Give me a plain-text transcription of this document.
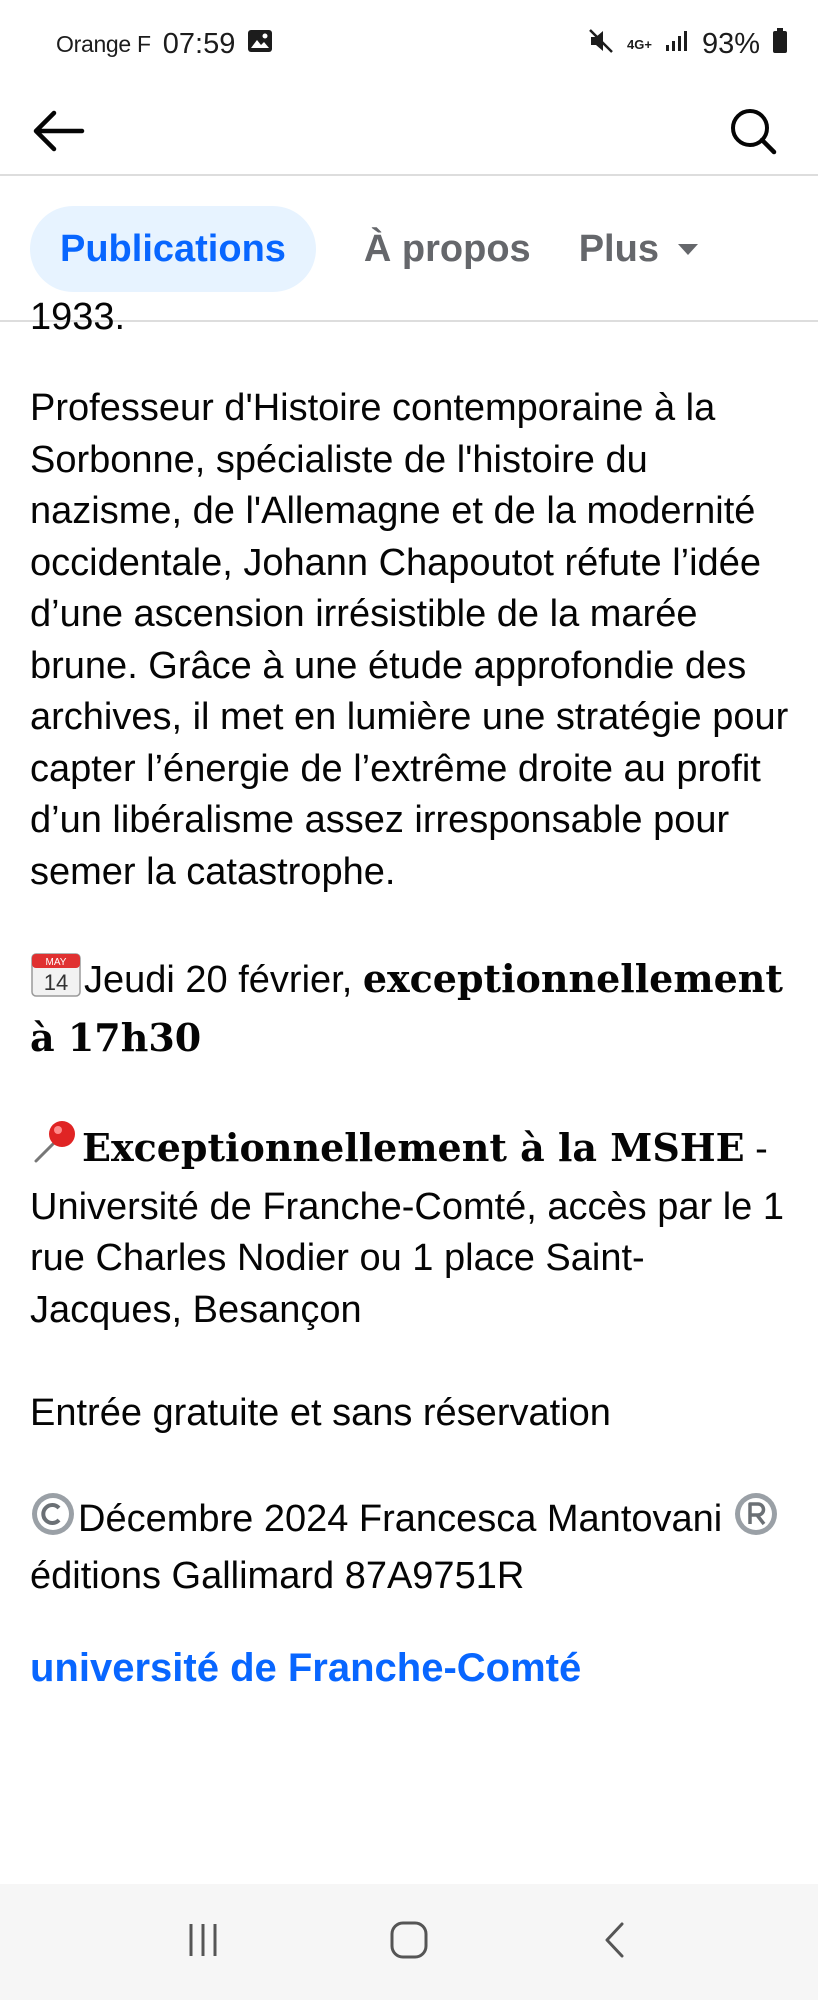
Orange F 07:59	4G+ 93%
Publications	À propos Plus
1933.

Professeur d'Histoire contemporaine à la Sorbonne, spécialiste de l'histoire du nazisme, de l'Allemagne et de la modernité occidentale, Johann Chapoutot réfute l’idée d’une ascension irrésistible de la marée brune. Grâce à une étude approfondie des archives, il met en lumière une stratégie pour capter l’énergie de l’extrême droite au profit d’un libéralisme assez irresponsable pour semer la catastrophe.

MAY
14 Jeudi 20 février, exceptionnellement à 17h30

Exceptionnellement à la MSHE - Université de Franche-Comté, accès par le 1 rue Charles Nodier ou 1 place Saint-Jacques, Besançon

Entrée gratuite et sans réservation

Décembre 2024 Francesca Mantovani  éditions Gallimard 87A9751R

université de Franche-Comté
